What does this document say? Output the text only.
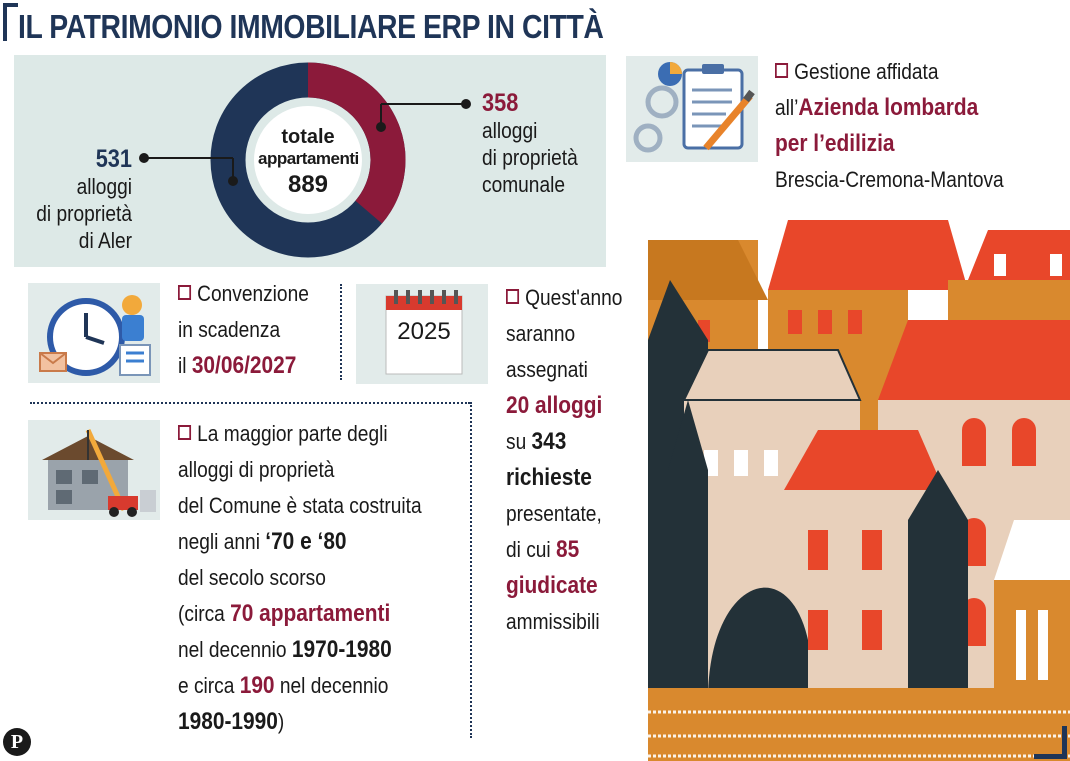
IL PATRIMONIO IMMOBILIARE ERP IN CITTÀ
totale
appartamenti
889
531
alloggi
di proprietà
di Aler
358
alloggi
di proprietà
comunale
Gestione affidata
all’Azienda lombarda
per l’edilizia
Brescia-Cremona-Mantova
Convenzione
in scadenza
il 30/06/2027
2025
Quest'anno
saranno
assegnati
20 alloggi
su 343
richieste
presentate,
di cui 85
giudicate
ammissibili
La maggior parte degli
alloggi di proprietà
del Comune è stata costruita
negli anni ‘70 e ‘80
del secolo scorso
(circa 70 appartamenti
nel decennio 1970-1980
e circa 190 nel decennio
1980-1990)
P
